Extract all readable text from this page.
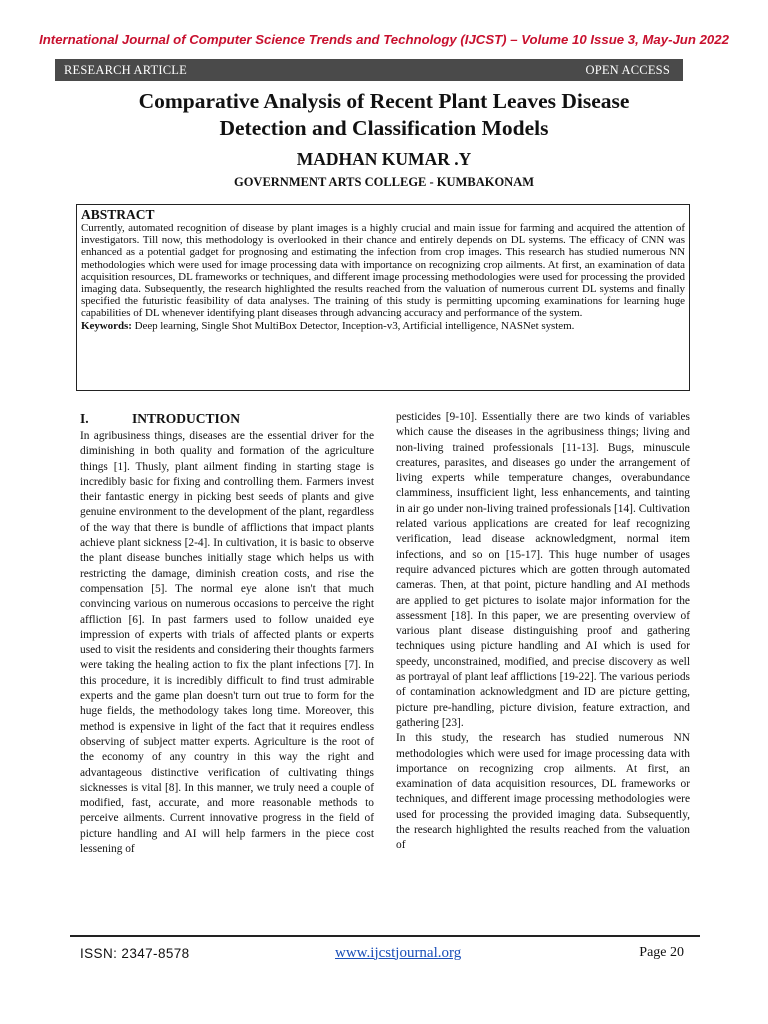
International Journal of Computer Science Trends and Technology (IJCST) – Volume 10 Issue 3, May-Jun 2022
RESEARCH ARTICLE	OPEN ACCESS
Comparative Analysis of Recent Plant Leaves Disease
Detection and Classification Models
MADHAN KUMAR .Y
GOVERNMENT ARTS COLLEGE - KUMBAKONAM
ABSTRACT

Currently, automated recognition of disease by plant images is a highly crucial and main issue for farming and acquired the attention of investigators. Till now, this methodology is overlooked in their chance and entirely depends on DL systems. The efficacy of CNN was enhanced as a potential gadget for prognosing and estimating the infection from crop images. This research has studied numerous NN methodologies which were used for image processing data with importance on recognizing crop ailments. At first, an examination of data acquisition resources, DL frameworks or techniques, and different image processing methodologies were used for processing the provided imaging data. Subsequently, the research highlighted the results reached from the valuation of numerous current DL systems and finally specified the futuristic feasibility of data analyses. The training of this study is permitting upcoming examinations for learning huge capabilities of DL whenever identifying plant diseases through advancing accuracy and performance of the system.

Keywords: Deep learning, Single Shot MultiBox Detector, Inception-v3, Artificial intelligence, NASNet system.

I.	INTRODUCTION

In agribusiness things, diseases are the essential driver for the diminishing in both quality and formation of the agriculture things [1]. Thusly, plant ailment finding in starting stage is incredibly basic for fixing and controlling them. Farmers invest their fantastic energy in picking best seeds of plants and give genuine environment to the development of the plant, regardless of the way that there is bundle of afflictions that impact plants achieve plant sickness [2-4]. In cultivation, it is basic to observe the plant disease bunches initially stage which helps us with restricting the damage, diminish creation costs, and rise the compensation [5]. The normal eye alone isn't that much convincing various on numerous occasions to perceive the right affliction [6]. In past farmers used to follow unaided eye impression of experts with trials of affected plants or experts used to visit the residents and considering their thoughts farmers were taking the healing action to fix the plant infections [7]. In this procedure, it is incredibly difficult to find trust admirable experts and the game plan doesn't turn out true to form for the huge fields, the methodology takes long time. Moreover, this method is expensive in light of the fact that it requires endless observing of subject matter experts. Agriculture is the root of the economy of any country in this way the right and advantageous distinctive verification of cultivating things sicknesses is vital [8]. In this manner, we truly need a couple of modified, fast, accurate, and more reasonable methods to perceive ailments. Current innovative progress in the field of picture handling and AI will help farmers in the piece cost lessening of

pesticides [9-10]. Essentially there are two kinds of variables which cause the diseases in the agribusiness things; living and non-living trained professionals [11-13]. Bugs, minuscule creatures, parasites, and diseases go under the arrangement of living experts while temperature changes, overabundance clamminess, insufficient light, less enhancements, and tainting in air go under non-living trained professionals [14]. Cultivation related various applications are created for leaf recognizing verification, lead disease acknowledgment, normal item infections, and so on [15-17]. This huge number of usages require advanced pictures which are gotten through automated cameras. Then, at that point, picture handling and AI methods are applied to get pictures to isolate major information for the assessment [18]. In this paper, we are presenting overview of various plant disease distinguishing proof and gathering techniques using picture handling and AI which is used for speedy, unconstrained, modified, and precise discovery as well as portrayal of plant leaf afflictions [19-22]. The various periods of contamination acknowledgment and ID are picture getting, picture pre-handling, picture division, feature extraction, and gathering [23].

In this study, the research has studied numerous NN methodologies which were used for image processing data with importance on recognizing crop ailments. At first, an examination of data acquisition resources, DL frameworks or techniques, and different image processing methodologies were used for processing the provided imaging data. Subsequently, the research highlighted the results reached from the valuation of

ISSN: 2347-8578	www.ijcstjournal.org	Page 20
